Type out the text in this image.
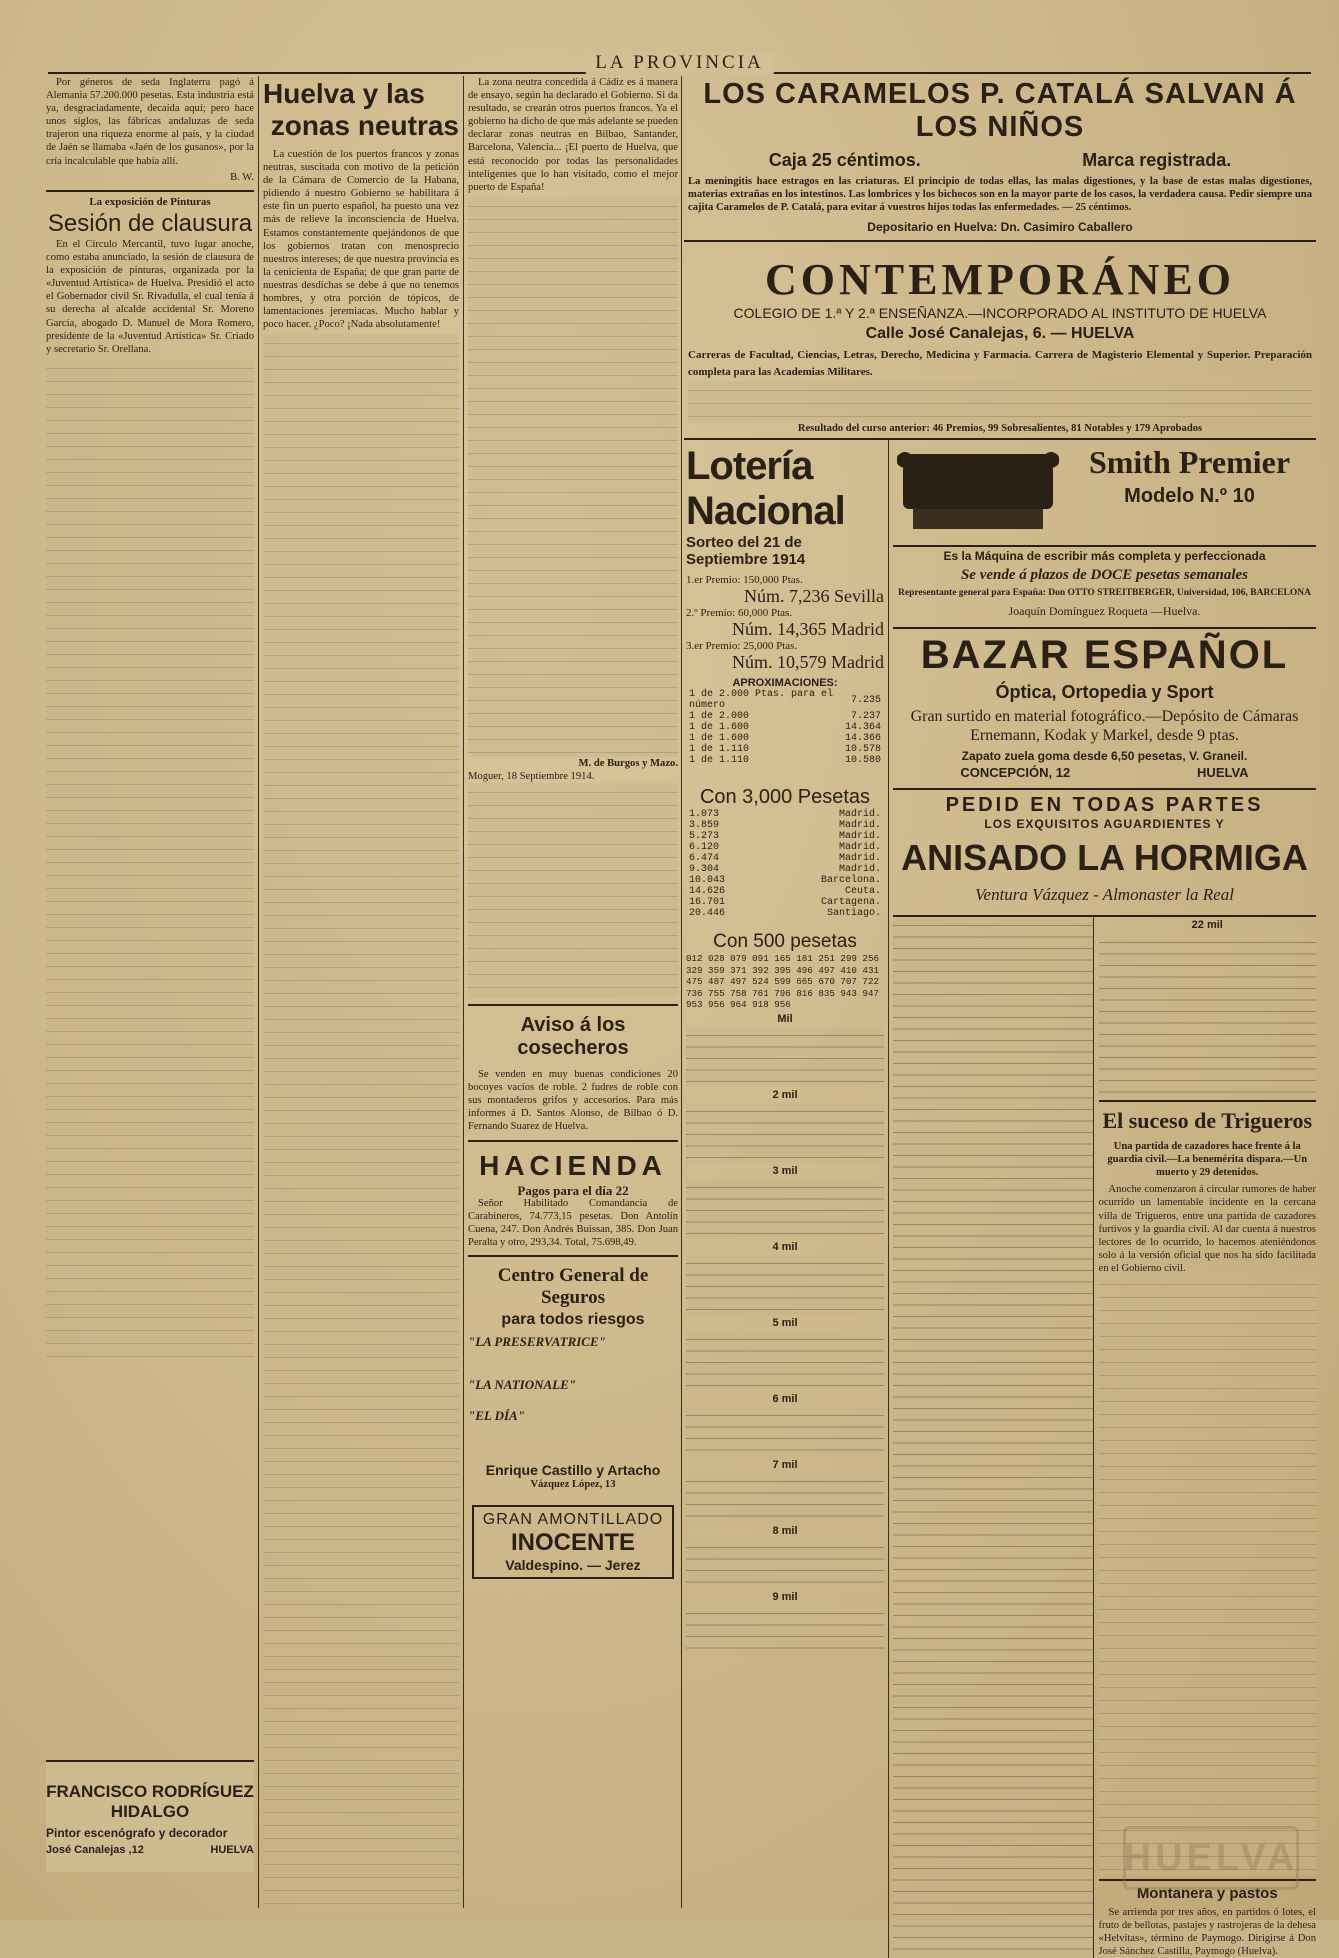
LA PROVINCIA

Por géneros de seda Inglaterra pagó á Alemania 57.200.000 pesetas. Esta industria está ya, desgraciadamente, decaída aquí; pero hace unos siglos, las fábricas andaluzas de seda trajeron una riqueza enorme al país, y la ciudad de Jaén se llamaba «Jaén de los gusanos», por la cría incalculable que había allí.

B. W.
La exposición de Pinturas
Sesión de clausura

En el Círculo Mercantil, tuvo lugar anoche, como estaba anunciado, la sesión de clausura de la exposición de pinturas, organizada por la «Juventud Artística» de Huelva. Presidió el acto el Gobernador civil Sr. Rivadulla, el cual tenía á su derecha al alcalde accidental Sr. Moreno García, abogado D. Manuel de Mora Romero, presidente de la «Juventud Artística» Sr. Criado y secretario Sr. Orellana.

FRANCISCO RODRÍGUEZ HIDALGO
Pintor escenógrafo y decorador
José Canalejas ,12	HUELVA
Huelva y las
zonas neutras

La cuestión de los puertos francos y zonas neutras, suscitada con motivo de la petición de la Cámara de Comercio de la Habana, pidiendo á nuestro Gobierno se habilitara á este fin un puerto español, ha puesto una vez más de relieve la inconsciencia de Huelva. Estamos constantemente quejándonos de que los gobiernos tratan con menosprecio nuestros intereses; de que nuestra provincia es la cenicienta de España; de que gran parte de nuestras desdichas se debe á que no tenemos hombres, y otra porción de tópicos, de lamentaciones jeremiacas. Mucho hablar y poco hacer. ¿Poco? ¡Nada absolutamente!

La zona neutra concedida á Cádiz es á manera de ensayo, según ha declarado el Gobierno. Si da resultado, se crearán otros puertos francos. Ya el gobierno ha dicho de que más adelante se pueden declarar zonas neutras en Bilbao, Santander, Barcelona, Valencia... ¡El puerto de Huelva, que está reconocido por todas las personalidades inteligentes que lo han visitado, como el mejor puerto de España!

M. de Burgos y Mazo.
Moguer, 18 Septiembre 1914.
Aviso á los cosecheros

Se venden en muy buenas condiciones 20 bocoyes vacíos de roble. 2 fudres de roble con sus montaderos grifos y accesorios. Para más informes á D. Santos Alonso, de Bilbao ó D. Fernando Suarez de Huelva.

HACIENDA
Pagos para el día 22

Señor Habilitado Comandancia de Carabineros, 74.773,15 pesetas. Don Antolín Cuena, 247. Don Andrés Buissan, 385. Don Juan Peralta y otro, 293,34. Total, 75.698,49.

Centro General de Seguros
para todos riesgos
"LA PRESERVATRICE"
"LA NATIONALE"
"EL DÍA"
Enrique Castillo y Artacho
Vázquez López, 13
GRAN AMONTILLADO
INOCENTE
Valdespino. — Jerez
LOS CARAMELOS P. CATALÁ SALVAN Á LOS NIÑOS
Caja 25 céntimos.	Marca registrada.
La meningitis hace estragos en las criaturas. El principio de todas ellas, las malas digestiones, y la base de estas malas digestiones, materias extrañas en los intestinos. Las lombrices y los bichocos son en la mayor parte de los casos, la verdadera causa. Pedir siempre una cajita Caramelos de P. Catalá, para evitar á vuestros hijos todas las enfermedades. — 25 céntimos.
Depositario en Huelva: Dn. Casimiro Caballero
CONTEMPORÁNEO
COLEGIO DE 1.ª Y 2.ª ENSEÑANZA.—INCORPORADO AL INSTITUTO DE HUELVA
Calle José Canalejas, 6. — HUELVA
Carreras de Facultad, Ciencias, Letras, Derecho, Medicina y Farmacia. Carrera de Magisterio Elemental y Superior. Preparación completa para las Academias Militares.
Resultado del curso anterior: 46 Premios, 99 Sobresalientes, 81 Notables y 179 Aprobados
Lotería Nacional
Sorteo del 21 de Septiembre 1914
1.er Premio: 150,000 Ptas.
Núm. 7,236 Sevilla
2.º Premio: 60,000 Ptas.
Núm. 14,365 Madrid
3.er Premio: 25,000 Ptas.
Núm. 10,579 Madrid
APROXIMACIONES:
1 de 2.000 Ptas. para el número	7.235
1 de 2.000	7.237
1 de 1.600	14.364
1 de 1.600	14.366
1 de 1.110	10.578
1 de 1.110	10.580
Con 3,000 Pesetas
1.073	Madrid.
3.859	Madrid.
5.273	Madrid.
6.120	Madrid.
6.474	Madrid.
9.304	Madrid.
10.043	Barcelona.
14.626	Ceuta.
16.701	Cartagena.
20.446	Santiago.
Con 500 pesetas
012 028 079 091 165 181 251 299 256
329 359 371 392 395 496 497 410 431
475 487 497 524 599 665 670 707 722
736 755 758 761 796 816 835 943 947
953 956 964 918 956
Mil
2 mil
3 mil
4 mil
5 mil
6 mil
7 mil
8 mil
9 mil
Smith Premier
Modelo N.º 10
Es la Máquina de escribir más completa y perfeccionada
Se vende á plazos de DOCE pesetas semanales
Representante general para España: Don OTTO STREITBERGER, Universidad, 106, BARCELONA
Joaquín Domínguez Roqueta —Huelva.
BAZAR ESPAÑOL
Óptica, Ortopedia y Sport
Gran surtido en material fotográfico.—Depósito de Cámaras Ernemann, Kodak y Markel, desde 9 ptas.
Zapato zuela goma desde 6,50 pesetas, V. Graneil.
CONCEPCIÓN, 12	HUELVA
PEDID EN TODAS PARTES
LOS EXQUISITOS AGUARDIENTES Y
ANISADO LA HORMIGA
Ventura Vázquez - Almonaster la Real
22 mil
El suceso de Trigueros
Una partida de cazadores hace frente á la guardia civil.—La benemérita dispara.—Un muerto y 29 detenidos.

Anoche comenzaron á circular rumores de haber ocurrido un lamentable incidente en la cercana villa de Trigueros, entre una partida de cazadores furtivos y la guardia civil. Al dar cuenta á nuestros lectores de lo ocurrido, lo hacemos ateniéndonos solo á la versión oficial que nos ha sido facilitada en el Gobierno civil.

Montanera y pastos

Se arrienda por tres años, en partidos ó lotes, el fruto de bellotas, pastajes y rastrojeras de la dehesa «Helvitas», término de Paymogo. Dirigirse á Don José Sánchez Castilla, Paymogo (Huelva).

HUELVA
